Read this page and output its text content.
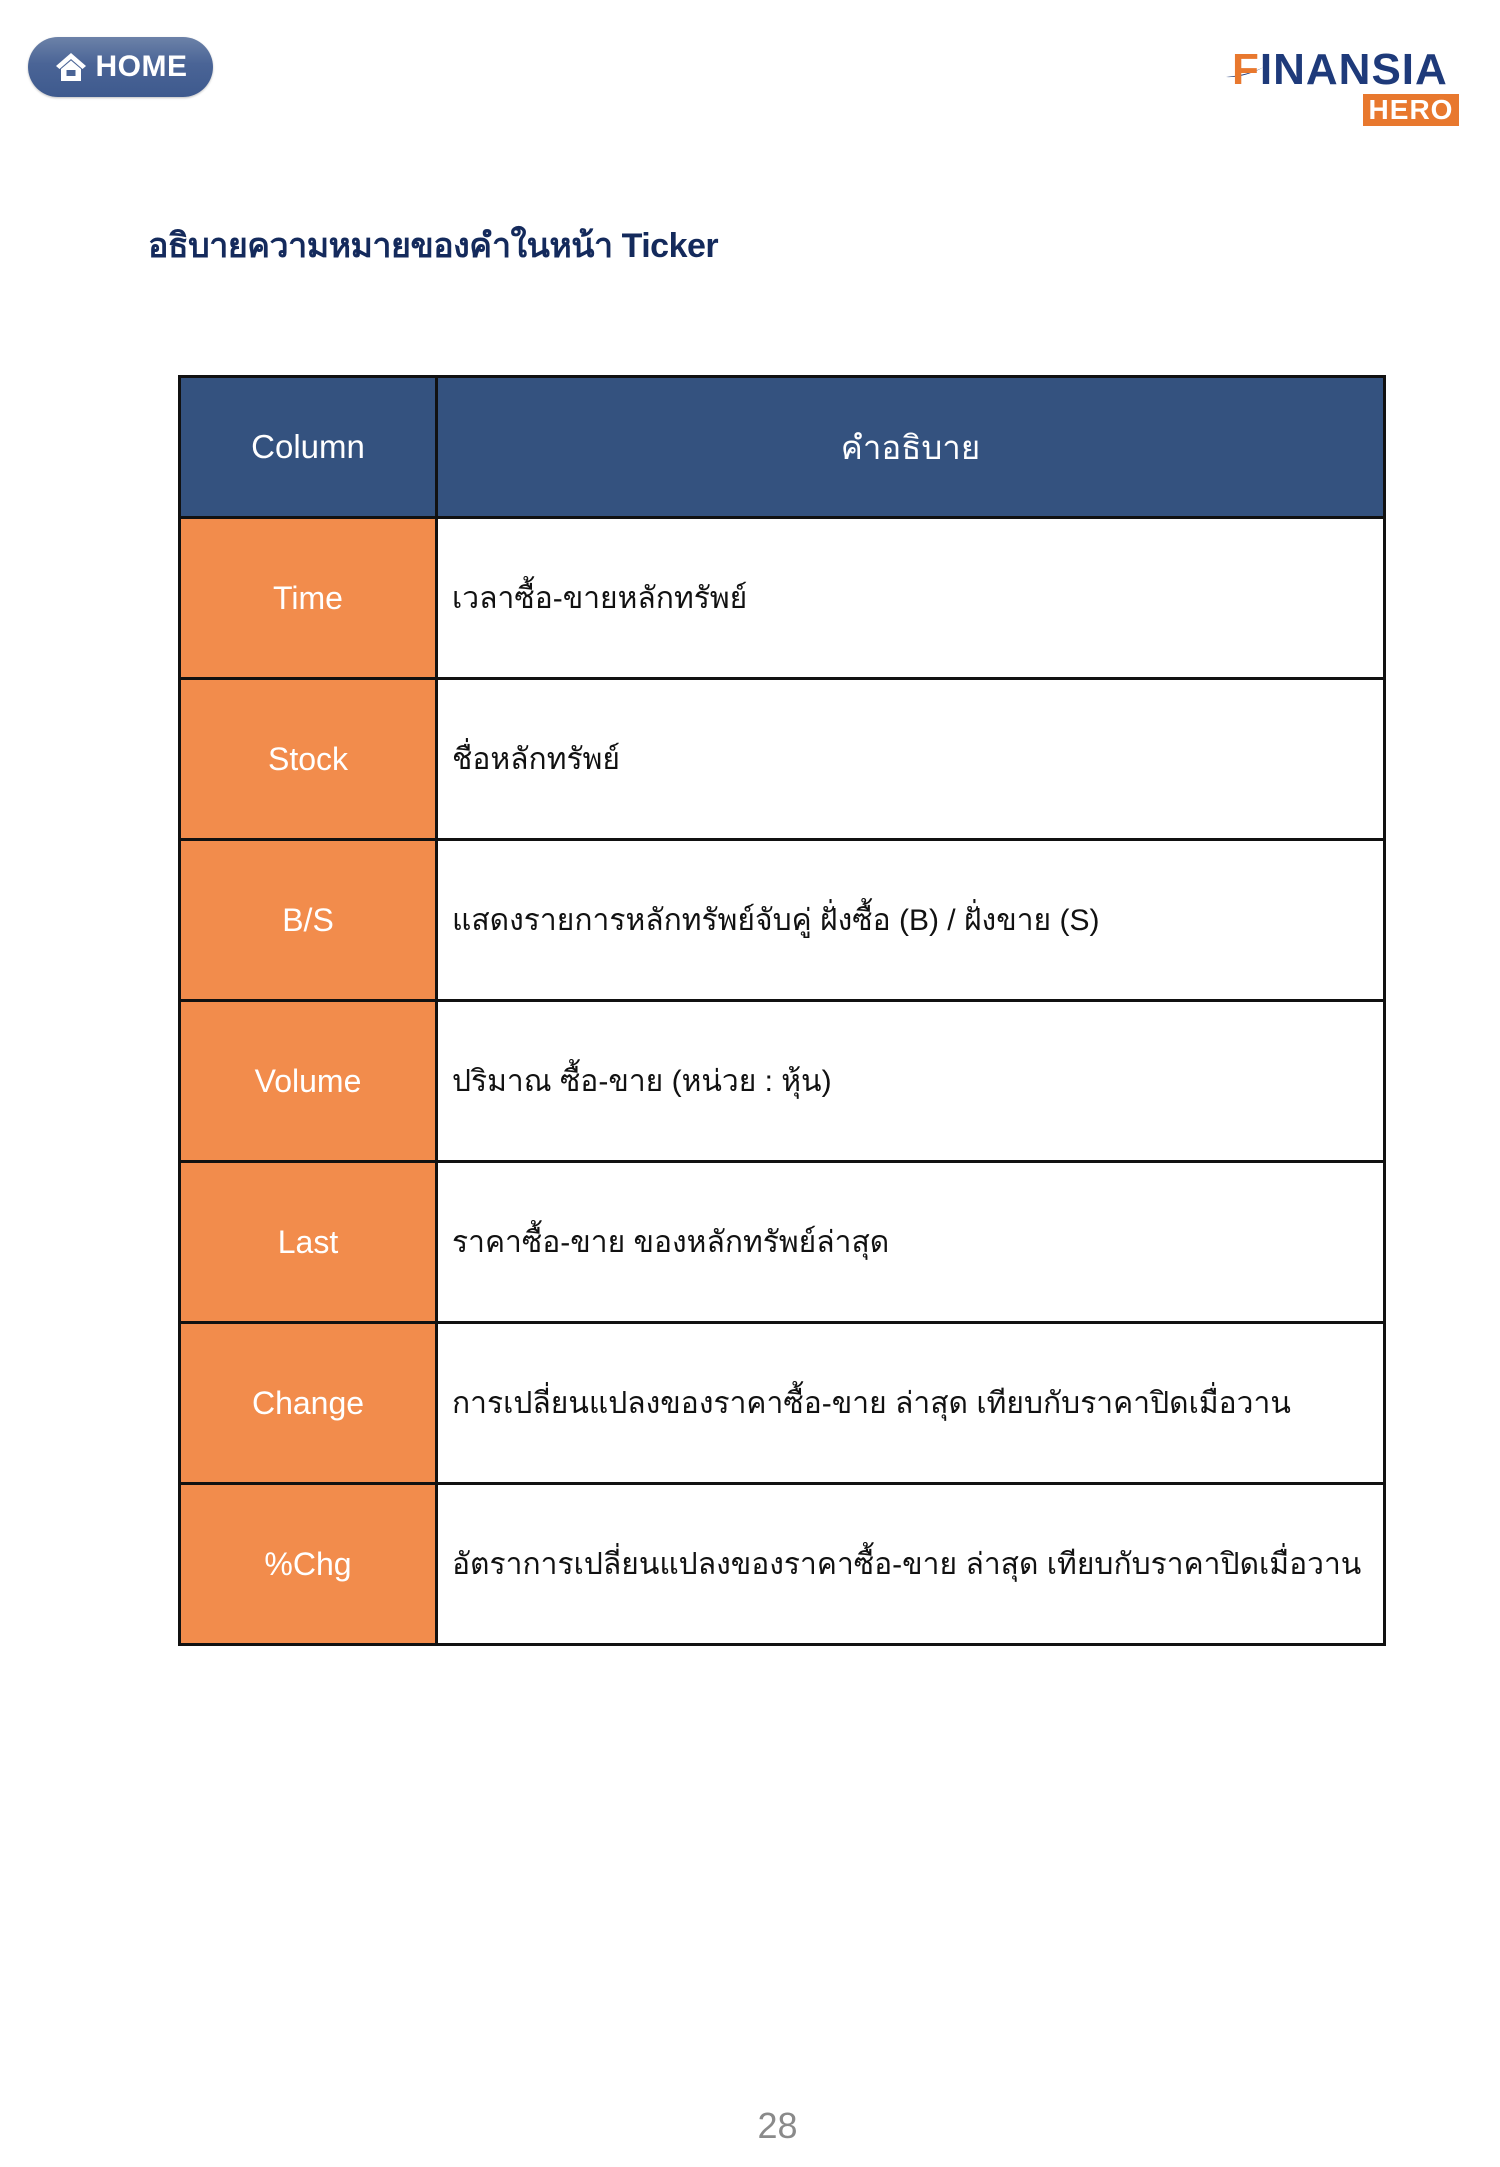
HOME	FINANSIA
HERO
อธิบายความหมายของคำในหน้า Ticker
Column	คำอธิบาย
Time	เวลาซื้อ-ขายหลักทรัพย์
Stock	ชื่อหลักทรัพย์
B/S	แสดงรายการหลักทรัพย์จับคู่ ฝั่งซื้อ (B) / ฝั่งขาย (S)
Volume	ปริมาณ ซื้อ-ขาย (หน่วย : หุ้น)
Last	ราคาซื้อ-ขาย ของหลักทรัพย์ล่าสุด
Change	การเปลี่ยนแปลงของราคาซื้อ-ขาย ล่าสุด เทียบกับราคาปิดเมื่อวาน
%Chg	อัตราการเปลี่ยนแปลงของราคาซื้อ-ขาย ล่าสุด เทียบกับราคาปิดเมื่อวาน
28
